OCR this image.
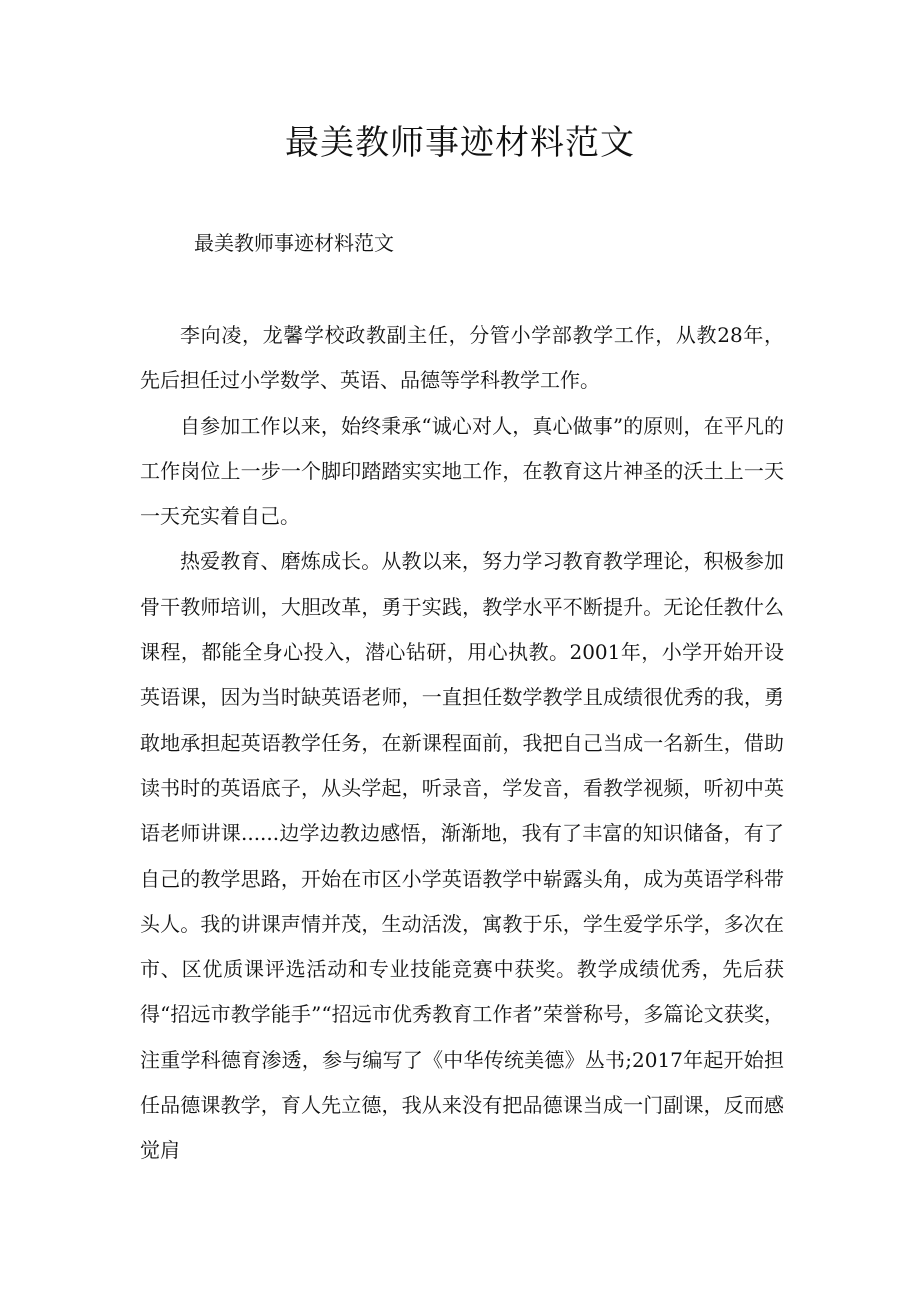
最美教师事迹材料范文

最美教师事迹材料范文

李向凌，龙馨学校政教副主任，分管小学部教学工作，从教28年，先后担任过小学数学、英语、品德等学科教学工作。

自参加工作以来，始终秉承“诚心对人，真心做事”的原则，在平凡的工作岗位上一步一个脚印踏踏实实地工作，在教育这片神圣的沃土上一天一天充实着自己。

热爱教育、磨炼成长。从教以来，努力学习教育教学理论，积极参加骨干教师培训，大胆改革，勇于实践，教学水平不断提升。无论任教什么课程，都能全身心投入，潜心钻研，用心执教。2001年，小学开始开设英语课，因为当时缺英语老师，一直担任数学教学且成绩很优秀的我，勇敢地承担起英语教学任务，在新课程面前，我把自己当成一名新生，借助读书时的英语底子，从头学起，听录音，学发音，看教学视频，听初中英语老师讲课......边学边教边感悟，渐渐地，我有了丰富的知识储备，有了自己的教学思路，开始在市区小学英语教学中崭露头角，成为英语学科带头人。我的讲课声情并茂，生动活泼，寓教于乐，学生爱学乐学，多次在市、区优质课评选活动和专业技能竞赛中获奖。教学成绩优秀，先后获得“招远市教学能手”“招远市优秀教育工作者”荣誉称号，多篇论文获奖，注重学科德育渗透，参与编写了《中华传统美德》丛书;2017年起开始担任品德课教学，育人先立德，我从来没有把品德课当成一门副课，反而感觉肩
